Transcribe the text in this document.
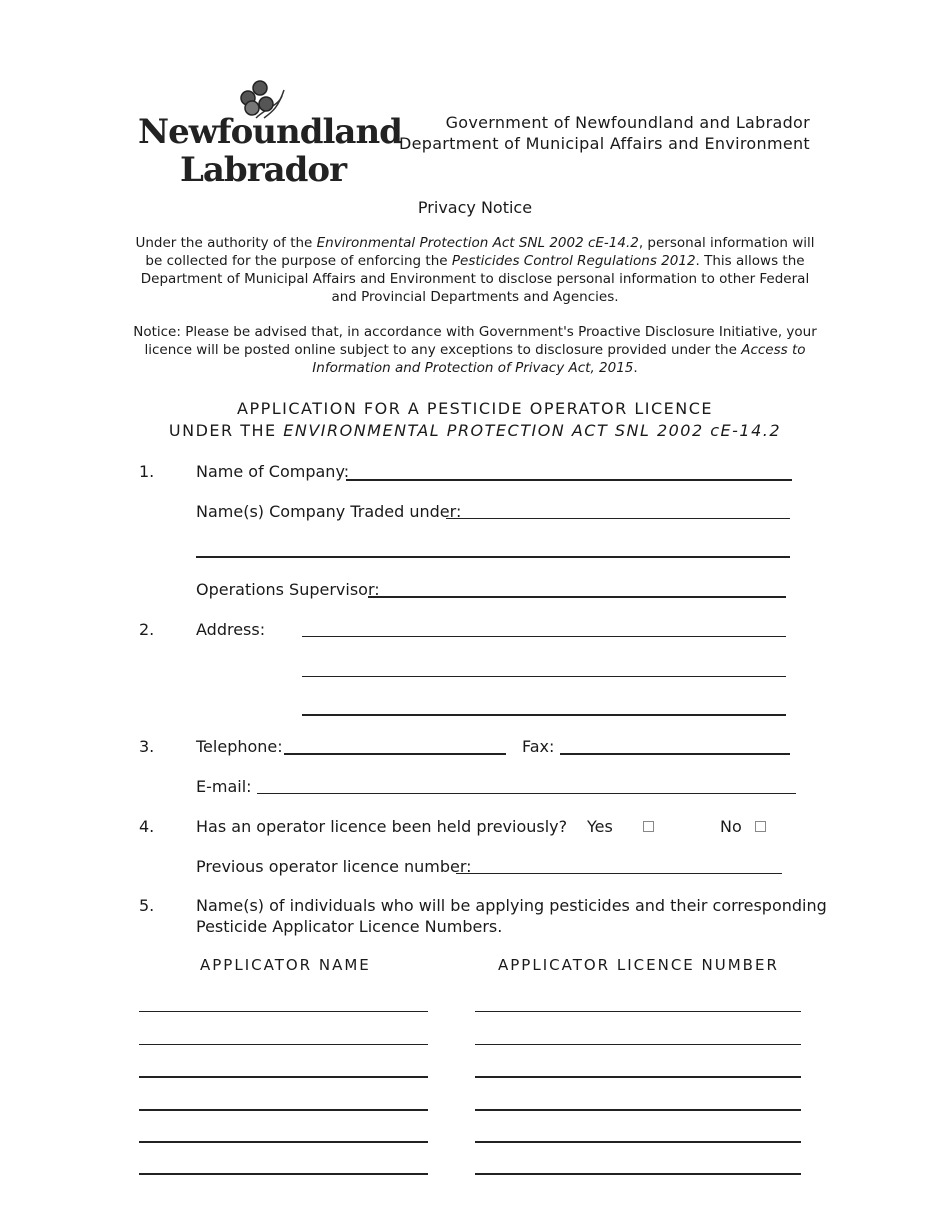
Newfoundland
Labrador
Government of Newfoundland and Labrador
Department of Municipal Affairs and Environment
Privacy Notice
Under the authority of the Environmental Protection Act SNL 2002 cE-14.2, personal information will be collected for the purpose of enforcing the Pesticides Control Regulations 2012. This allows the Department of Municipal Affairs and Environment to disclose personal information to other Federal and Provincial Departments and Agencies.
Notice: Please be advised that, in accordance with Government's Proactive Disclosure Initiative, your licence will be posted online subject to any exceptions to disclosure provided under the Access to Information and Protection of Privacy Act, 2015.
APPLICATION FOR A PESTICIDE OPERATOR LICENCE
UNDER THE ENVIRONMENTAL PROTECTION ACT SNL 2002 cE-14.2
1.	Name of Company:
Name(s) Company Traded under:
Operations Supervisor:
2.	Address:
3.	Telephone:	Fax:
E-mail:
4.	Has an operator licence been held previously? Yes	No
Previous operator licence number:
5.	Name(s) of individuals who will be applying pesticides and their corresponding
Pesticide Applicator Licence Numbers.
APPLICATOR NAME	APPLICATOR LICENCE NUMBER
